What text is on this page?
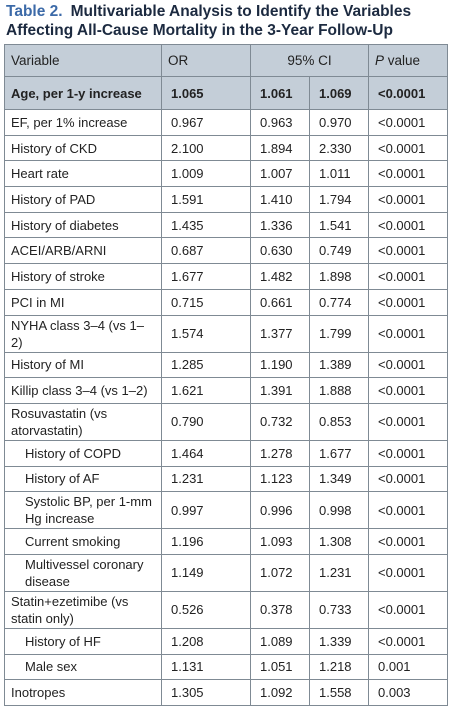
Table 2. Multivariable Analysis to Identify the Variables Affecting All-Cause Mortality in the 3-Year Follow-Up
Variable	OR	95% CI		P value
Age, per 1-y increase	1.065	1.061	1.069	<0.0001
EF, per 1% increase	0.967	0.963	0.970	<0.0001
History of CKD	2.100	1.894	2.330	<0.0001
Heart rate	1.009	1.007	1.011	<0.0001
History of PAD	1.591	1.410	1.794	<0.0001
History of diabetes	1.435	1.336	1.541	<0.0001
ACEI/ARB/ARNI	0.687	0.630	0.749	<0.0001
History of stroke	1.677	1.482	1.898	<0.0001
PCI in MI	0.715	0.661	0.774	<0.0001
NYHA class 3–4 (vs 1–2)	1.574	1.377	1.799	<0.0001
History of MI	1.285	1.190	1.389	<0.0001
Killip class 3–4 (vs 1–2)	1.621	1.391	1.888	<0.0001
Rosuvastatin (vs atorvastatin)	0.790	0.732	0.853	<0.0001
History of COPD	1.464	1.278	1.677	<0.0001
History of AF	1.231	1.123	1.349	<0.0001
Systolic BP, per 1-mm Hg increase	0.997	0.996	0.998	<0.0001
Current smoking	1.196	1.093	1.308	<0.0001
Multivessel coronary disease	1.149	1.072	1.231	<0.0001
Statin+ezetimibe (vs statin only)	0.526	0.378	0.733	<0.0001
History of HF	1.208	1.089	1.339	<0.0001
Male sex	1.131	1.051	1.218	0.001
Inotropes	1.305	1.092	1.558	0.003
